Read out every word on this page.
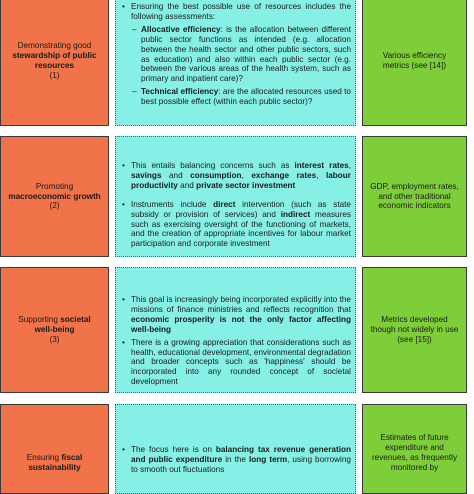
Demonstrating good
stewardship of public resources
(1)
• Ensuring the best possible use of resources includes the following assessments:
– Allocative efficiency: is the allocation between different public sector functions as intended (e.g. allocation between the health sector and other public sectors, such as education) and also within each public sector (e.g. between the various areas of the health system, such as primary and inpatient care)?
– Technical efficiency: are the allocated resources used to best possible effect (within each public sector)?
Various efficiency metrics (see [14])
Promoting
macroeconomic growth
(2)
• This entails balancing concerns such as interest rates, savings and consumption, exchange rates, labour productivity and private sector investment
• Instruments include direct intervention (such as state subsidy or provision of services) and indirect measures such as exercising oversight of the functioning of markets, and the creation of appropriate incentives for labour market participation and corporate investment
GDP, employment rates, and other traditional economic indicators
Supporting societal
well-being
(3)
• This goal is increasingly being incorporated explicitly into the missions of finance ministries and reflects recognition that economic prosperity is not the only factor affecting well-being
• There is a growing appreciation that considerations such as health, educational development, environmental degradation and broader concepts such as 'happiness' should be incorporated into any rounded concept of societal development
Metrics developed though not widely in use (see [15])
Ensuring fiscal sustainability
• The focus here is on balancing tax revenue generation and public expenditure in the long term, using borrowing to smooth out fluctuations
Estimates of future expenditure and revenues, as frequently monitored by
